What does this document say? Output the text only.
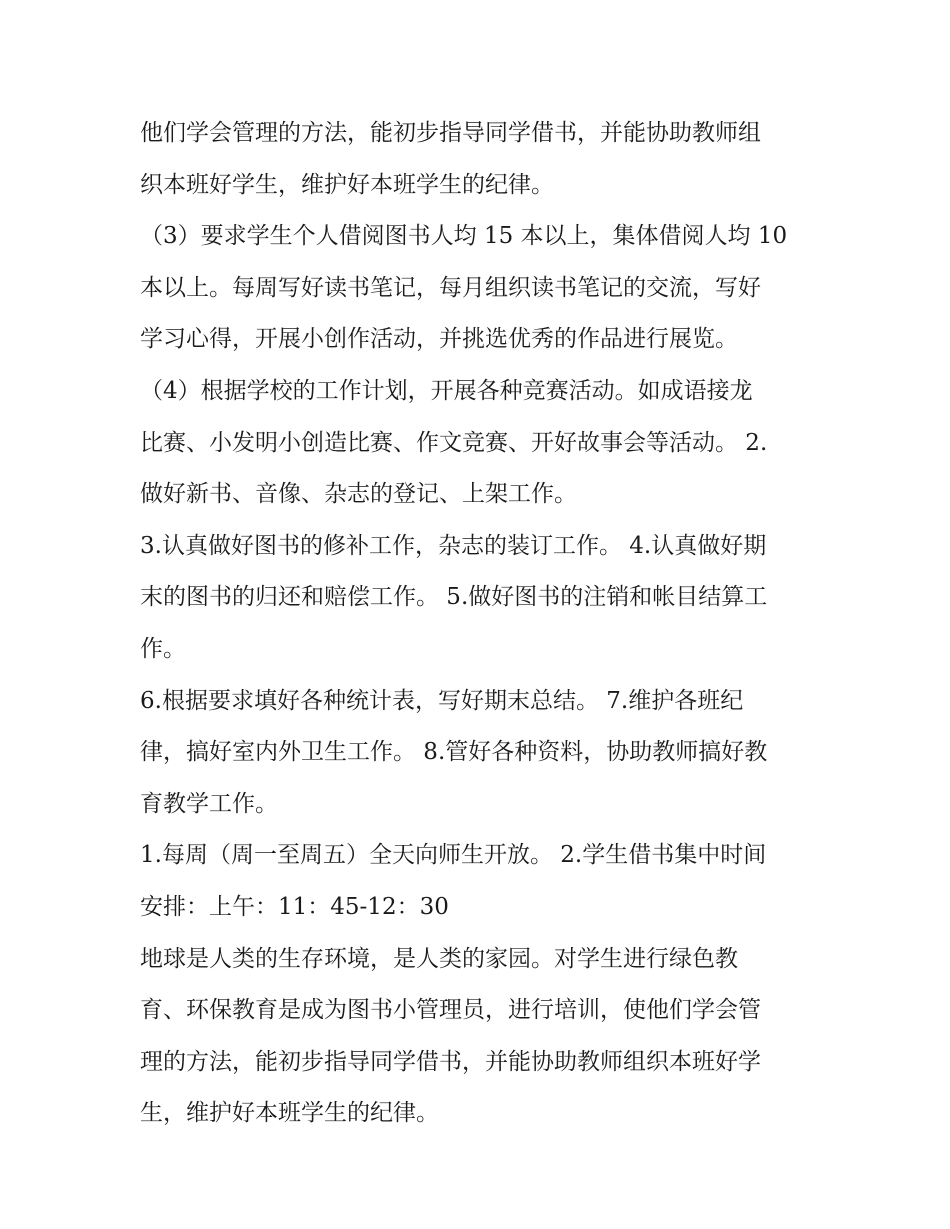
他们学会管理的方法，能初步指导同学借书，并能协助教师组
织本班好学生，维护好本班学生的纪律。
（3）要求学生个人借阅图书人均 15 本以上，集体借阅人均 10
本以上。每周写好读书笔记，每月组织读书笔记的交流，写好
学习心得，开展小创作活动，并挑选优秀的作品进行展览。
（4）根据学校的工作计划，开展各种竞赛活动。如成语接龙
比赛、小发明小创造比赛、作文竞赛、开好故事会等活动。 2.
做好新书、音像、杂志的登记、上架工作。
3.认真做好图书的修补工作，杂志的装订工作。 4.认真做好期
末的图书的归还和赔偿工作。 5.做好图书的注销和帐目结算工
作。
6.根据要求填好各种统计表，写好期末总结。 7.维护各班纪
律，搞好室内外卫生工作。 8.管好各种资料，协助教师搞好教
育教学工作。
1.每周（周一至周五）全天向师生开放。 2.学生借书集中时间
安排：上午：11：45-12：30
地球是人类的生存环境，是人类的家园。对学生进行绿色教
育、环保教育是成为图书小管理员，进行培训，使他们学会管
理的方法，能初步指导同学借书，并能协助教师组织本班好学
生，维护好本班学生的纪律。
